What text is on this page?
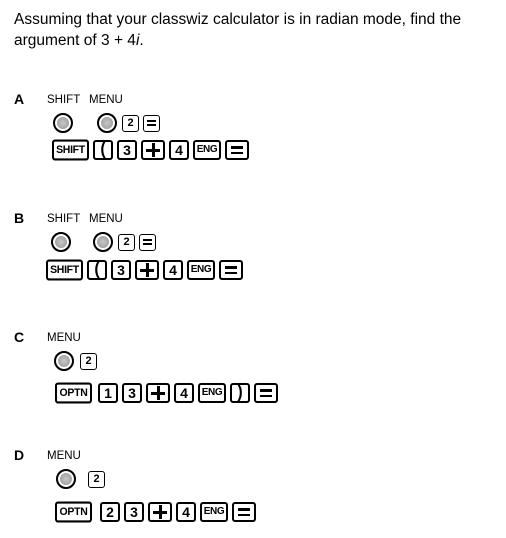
Assuming that your classwiz calculator is in radian mode, find the
argument of 3 + 4i.
A SHIFT MENU
2
SHIFT (	3	4	ENG
B SHIFT MENU
2
SHIFT (	3	4	ENG
C MENU
2
OPTN	1	3	4	ENG )
D MENU
2
OPTN	2	3	4	ENG
